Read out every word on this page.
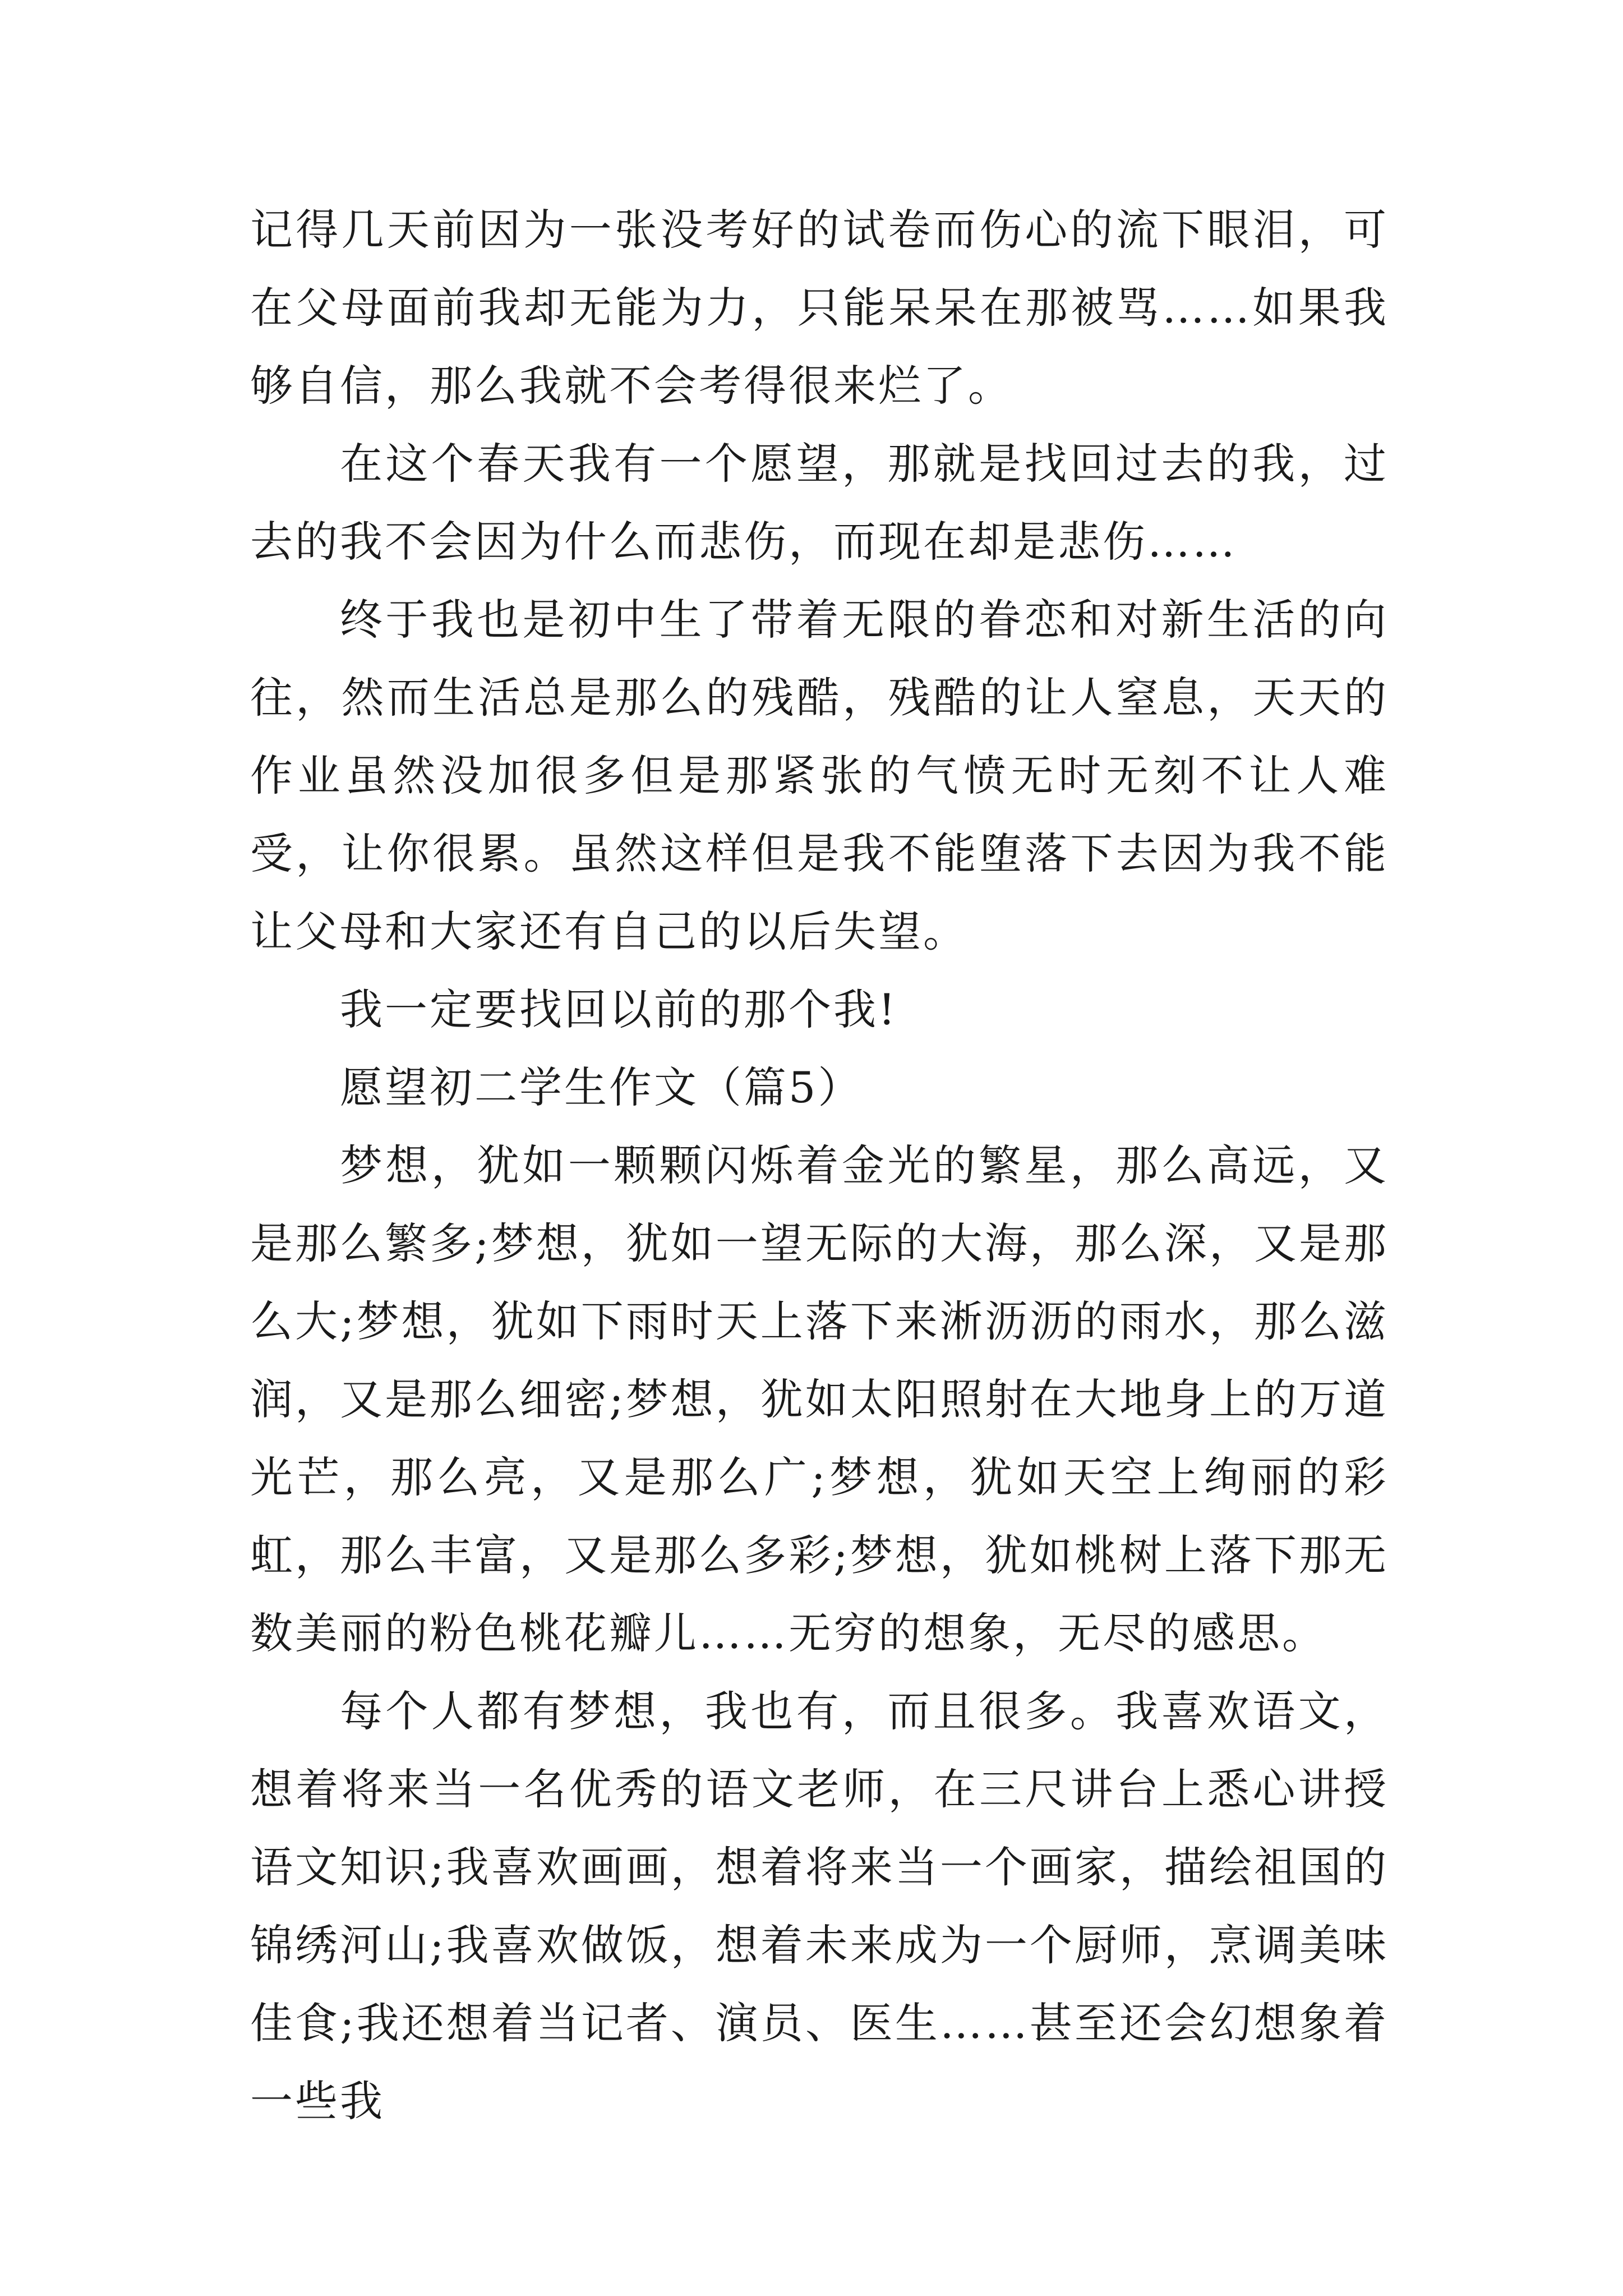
记得几天前因为一张没考好的试卷而伤心的流下眼泪，可在父母面前我却无能为力，只能呆呆在那被骂……如果我够自信，那么我就不会考得很来烂了。

在这个春天我有一个愿望，那就是找回过去的我，过去的我不会因为什么而悲伤，而现在却是悲伤……

终于我也是初中生了带着无限的眷恋和对新生活的向往，然而生活总是那么的残酷，残酷的让人窒息，天天的作业虽然没加很多但是那紧张的气愤无时无刻不让人难受，让你很累。虽然这样但是我不能堕落下去因为我不能让父母和大家还有自己的以后失望。

我一定要找回以前的那个我!

愿望初二学生作文（篇5）

梦想，犹如一颗颗闪烁着金光的繁星，那么高远，又是那么繁多;梦想，犹如一望无际的大海，那么深，又是那么大;梦想，犹如下雨时天上落下来淅沥沥的雨水，那么滋润，又是那么细密;梦想，犹如太阳照射在大地身上的万道光芒，那么亮，又是那么广;梦想，犹如天空上绚丽的彩虹，那么丰富，又是那么多彩;梦想，犹如桃树上落下那无数美丽的粉色桃花瓣儿……无穷的想象，无尽的感思。

每个人都有梦想，我也有，而且很多。我喜欢语文，想着将来当一名优秀的语文老师，在三尺讲台上悉心讲授语文知识;我喜欢画画，想着将来当一个画家，描绘祖国的锦绣河山;我喜欢做饭，想着未来成为一个厨师，烹调美味佳食;我还想着当记者、演员、医生……甚至还会幻想象着一些我
